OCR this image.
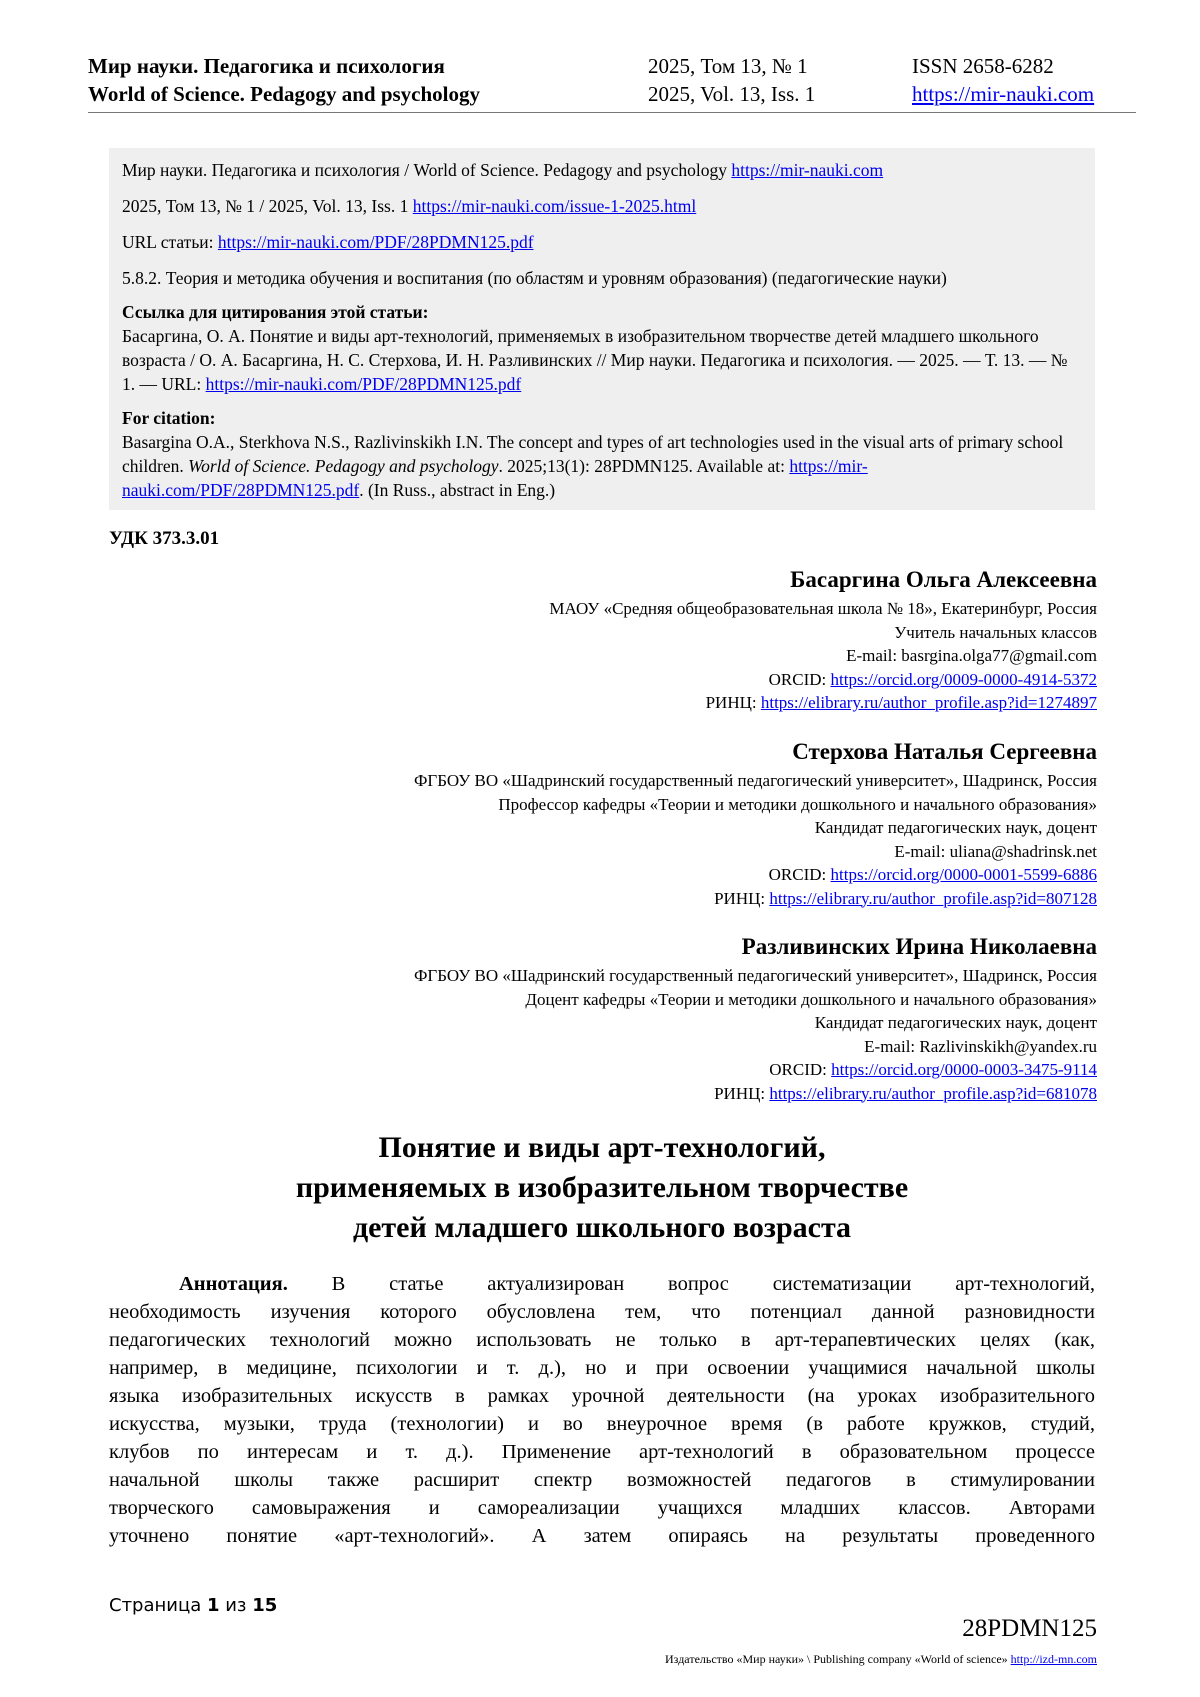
Мир науки. Педагогика и психология
World of Science. Pedagogy and psychology
2025, Том 13, № 1
2025, Vol. 13, Iss. 1
ISSN 2658-6282
https://mir-nauki.com

Мир науки. Педагогика и психология / World of Science. Pedagogy and psychology https://mir-nauki.com

2025, Том 13, № 1 / 2025, Vol. 13, Iss. 1 https://mir-nauki.com/issue-1-2025.html

URL статьи: https://mir-nauki.com/PDF/28PDMN125.pdf

5.8.2. Теория и методика обучения и воспитания (по областям и уровням образования) (педагогические науки)

Ссылка для цитирования этой статьи:
Басаргина, О. А. Понятие и виды арт-технологий, применяемых в изобразительном творчестве детей младшего школьного возраста / О. А. Басаргина, Н. С. Стерхова, И. Н. Разливинских // Мир науки. Педагогика и психология. — 2025. — Т. 13. — № 1. — URL: https://mir-nauki.com/PDF/28PDMN125.pdf

For citation:
Basargina O.A., Sterkhova N.S., Razlivinskikh I.N. The concept and types of art technologies used in the visual arts of primary school children. World of Science. Pedagogy and psychology. 2025;13(1): 28PDMN125. Available at: https://mir-nauki.com/PDF/28PDMN125.pdf. (In Russ., abstract in Eng.)

УДК 373.3.01
Басаргина Ольга Алексеевна
МАОУ «Средняя общеобразовательная школа № 18», Екатеринбург, Россия
Учитель начальных классов
E-mail: basrgina.olga77@gmail.com
ORCID: https://orcid.org/0009-0000-4914-5372
РИНЦ: https://elibrary.ru/author_profile.asp?id=1274897
Стерхова Наталья Сергеевна
ФГБОУ ВО «Шадринский государственный педагогический университет», Шадринск, Россия
Профессор кафедры «Теории и методики дошкольного и начального образования»
Кандидат педагогических наук, доцент
E-mail: uliana@shadrinsk.net
ORCID: https://orcid.org/0000-0001-5599-6886
РИНЦ: https://elibrary.ru/author_profile.asp?id=807128
Разливинских Ирина Николаевна
ФГБОУ ВО «Шадринский государственный педагогический университет», Шадринск, Россия
Доцент кафедры «Теории и методики дошкольного и начального образования»
Кандидат педагогических наук, доцент
E-mail: Razlivinskikh@yandex.ru
ORCID: https://orcid.org/0000-0003-3475-9114
РИНЦ: https://elibrary.ru/author_profile.asp?id=681078
Понятие и виды арт-технологий,
применяемых в изобразительном творчестве
детей младшего школьного возраста
Аннотация. В статье актуализирован вопрос систематизации арт-технологий,
необходимость изучения которого обусловлена тем, что потенциал данной разновидности
педагогических технологий можно использовать не только в арт-терапевтических целях (как,
например, в медицине, психологии и т. д.), но и при освоении учащимися начальной школы
языка изобразительных искусств в рамках урочной деятельности (на уроках изобразительного
искусства, музыки, труда (технологии) и во внеурочное время (в работе кружков, студий,
клубов по интересам и т. д.). Применение арт-технологий в образовательном процессе
начальной школы также расширит спектр возможностей педагогов в стимулировании
творческого самовыражения и самореализации учащихся младших классов. Авторами
уточнено понятие «арт-технологий». А затем опираясь на результаты проведенного
Страница 1 из 15
28PDMN125
Издательство «Мир науки» \ Publishing company «World of science» http://izd-mn.com
